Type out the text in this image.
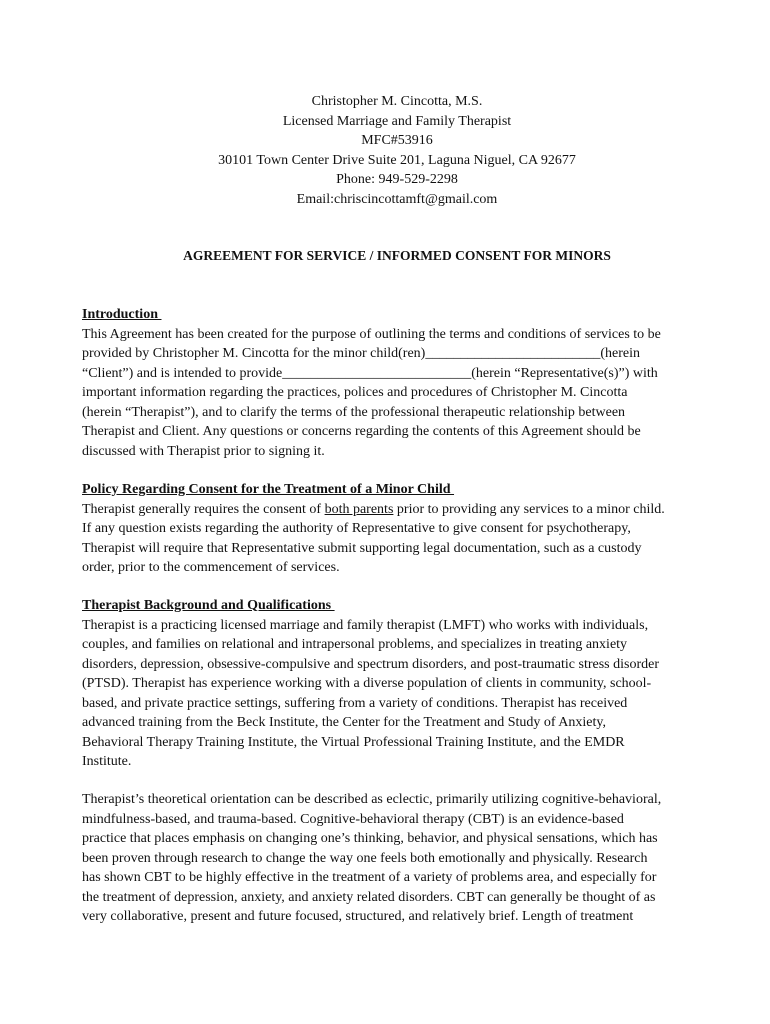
Christopher M. Cincotta, M.S.
Licensed Marriage and Family Therapist
MFC#53916
30101 Town Center Drive Suite 201, Laguna Niguel, CA 92677
Phone: 949-529-2298
Email:chriscincottamft@gmail.com
AGREEMENT FOR SERVICE / INFORMED CONSENT FOR MINORS
Introduction
This Agreement has been created for the purpose of outlining the terms and conditions of services to be
provided by Christopher M. Cincotta for the minor child(ren)_________________________(herein
“Client”) and is intended to provide___________________________(herein “Representative(s)”) with
important information regarding the practices, polices and procedures of Christopher M. Cincotta
(herein “Therapist”), and to clarify the terms of the professional therapeutic relationship between
Therapist and Client. Any questions or concerns regarding the contents of this Agreement should be
discussed with Therapist prior to signing it.
Policy Regarding Consent for the Treatment of a Minor Child
Therapist generally requires the consent of both parents prior to providing any services to a minor child.
If any question exists regarding the authority of Representative to give consent for psychotherapy,
Therapist will require that Representative submit supporting legal documentation, such as a custody
order, prior to the commencement of services.
Therapist Background and Qualifications
Therapist is a practicing licensed marriage and family therapist (LMFT) who works with individuals,
couples, and families on relational and intrapersonal problems, and specializes in treating anxiety
disorders, depression, obsessive-compulsive and spectrum disorders, and post-traumatic stress disorder
(PTSD). Therapist has experience working with a diverse population of clients in community, school-
based, and private practice settings, suffering from a variety of conditions. Therapist has received
advanced training from the Beck Institute, the Center for the Treatment and Study of Anxiety,
Behavioral Therapy Training Institute, the Virtual Professional Training Institute, and the EMDR
Institute.
Therapist’s theoretical orientation can be described as eclectic, primarily utilizing cognitive-behavioral,
mindfulness-based, and trauma-based. Cognitive-behavioral therapy (CBT) is an evidence-based
practice that places emphasis on changing one’s thinking, behavior, and physical sensations, which has
been proven through research to change the way one feels both emotionally and physically. Research
has shown CBT to be highly effective in the treatment of a variety of problems area, and especially for
the treatment of depression, anxiety, and anxiety related disorders. CBT can generally be thought of as
very collaborative, present and future focused, structured, and relatively brief. Length of treatment
